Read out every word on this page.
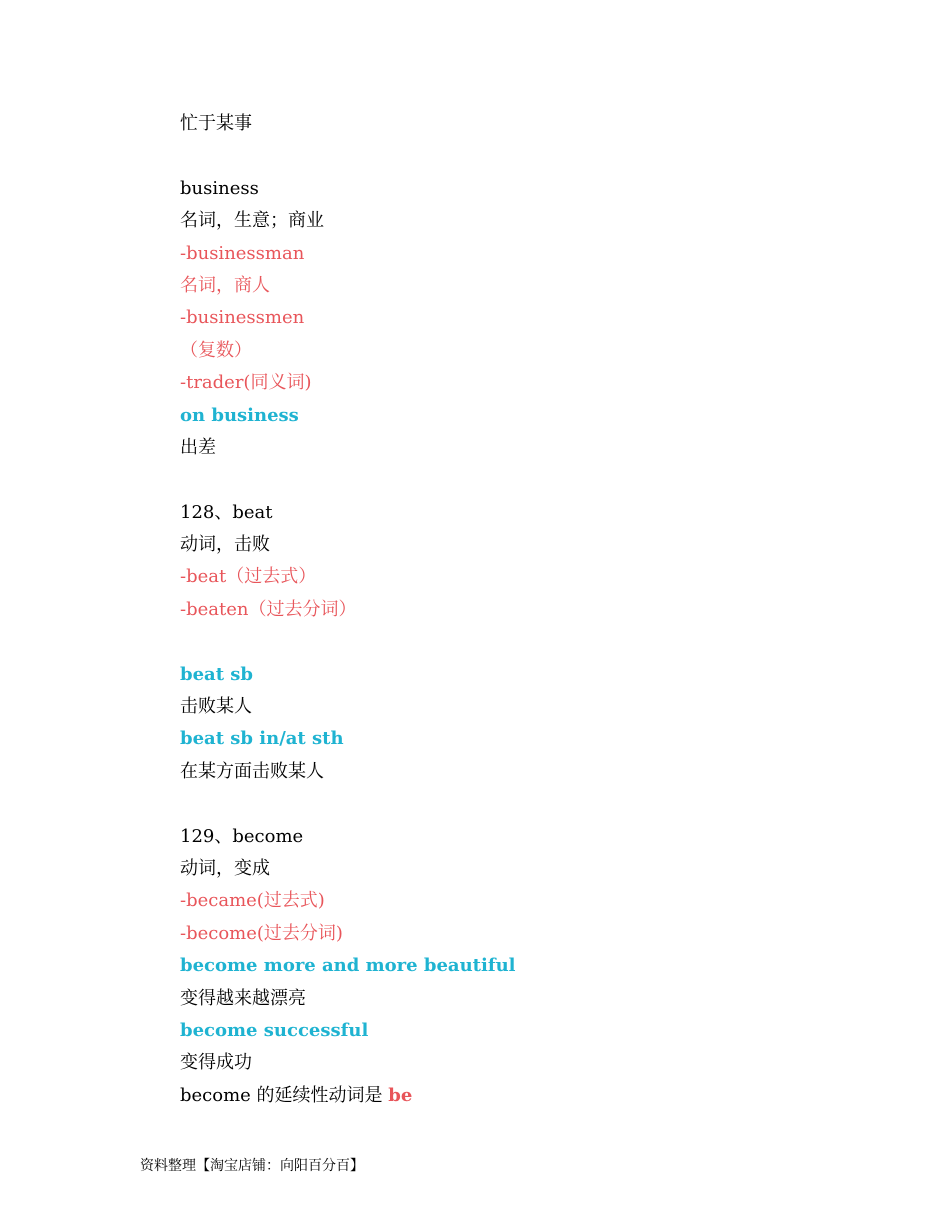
忙于某事
business
名词，生意；商业
-businessman
名词，商人
-businessmen
（复数）
-trader(同义词)
on business
出差
128、beat
动词，击败
-beat（过去式）
-beaten（过去分词）
beat sb
击败某人
beat sb in/at sth
在某方面击败某人
129、become
动词，变成
-became(过去式)
-become(过去分词)
become more and more beautiful
变得越来越漂亮
become successful
变得成功
become 的延续性动词是 be
资料整理【淘宝店铺：向阳百分百】
